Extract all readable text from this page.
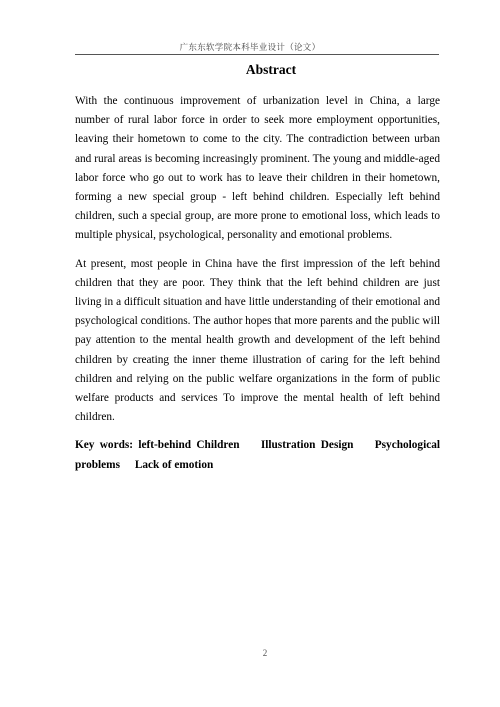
广东东软学院本科毕业设计（论文）
Abstract

With the continuous improvement of urbanization level in China, a large number of rural labor force in order to seek more employment opportunities, leaving their hometown to come to the city. The contradiction between urban and rural areas is becoming increasingly prominent. The young and middle-aged labor force who go out to work has to leave their children in their hometown, forming a new special group - left behind children. Especially left behind children, such a special group, are more prone to emotional loss, which leads to multiple physical, psychological, personality and emotional problems.

At present, most people in China have the first impression of the left behind children that they are poor. They think that the left behind children are just living in a difficult situation and have little understanding of their emotional and psychological conditions. The author hopes that more parents and the public will pay attention to the mental health growth and development of the left behind children by creating the inner theme illustration of caring for the left behind children and relying on the public welfare organizations in the form of public welfare products and services To improve the mental health of left behind children.

Key words: left-behind Children Illustration Design Psychological problems Lack of emotion
2
